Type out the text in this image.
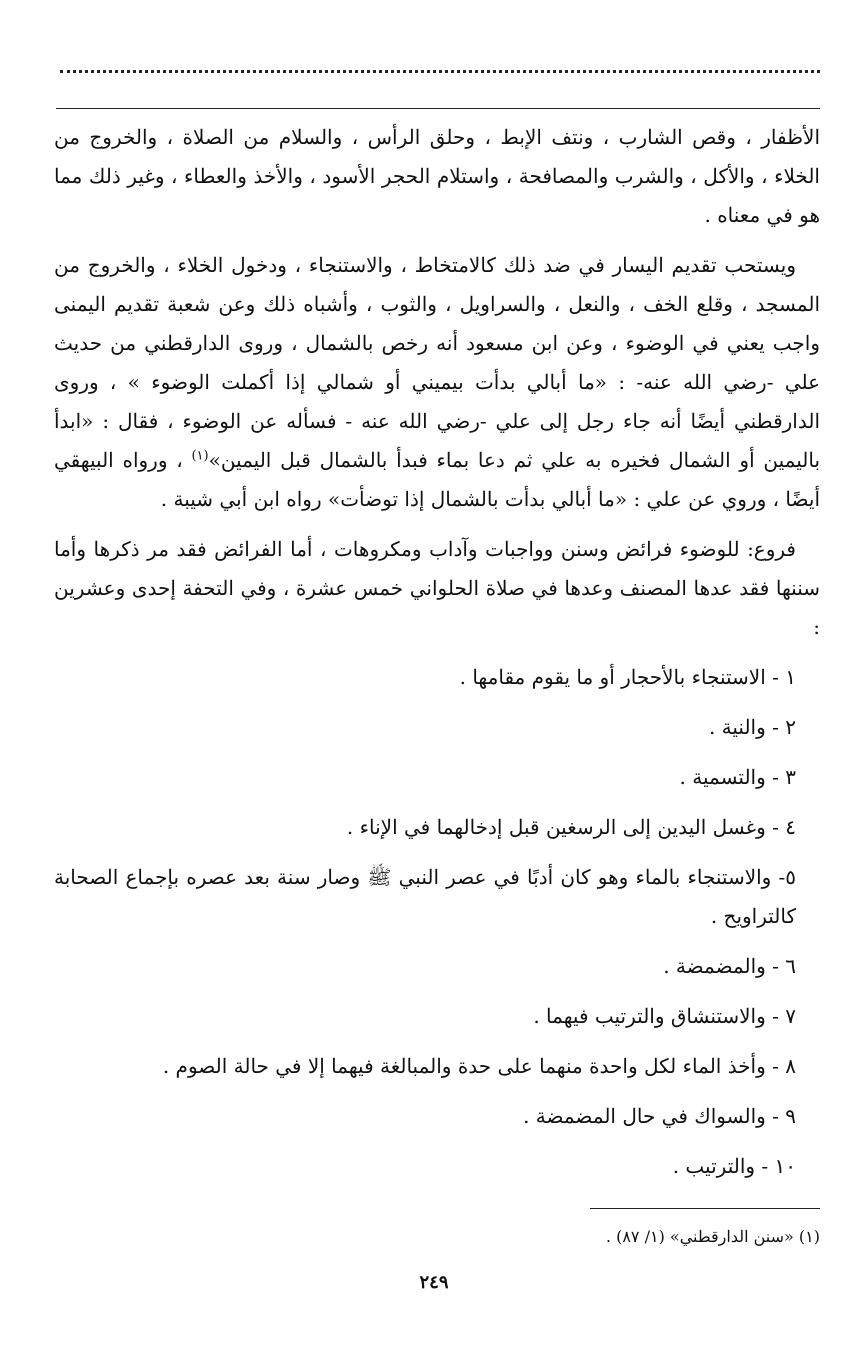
الأظفار ، وقص الشارب ، ونتف الإبط ، وحلق الرأس ، والسلام من الصلاة ، والخروج من الخلاء ، والأكل ، والشرب والمصافحة ، واستلام الحجر الأسود ، والأخذ والعطاء ، وغير ذلك مما هو في معناه .

ويستحب تقديم اليسار في ضد ذلك كالامتخاط ، والاستنجاء ، ودخول الخلاء ، والخروج من المسجد ، وقلع الخف ، والنعل ، والسراويل ، والثوب ، وأشباه ذلك وعن شعبة تقديم اليمنى واجب يعني في الوضوء ، وعن ابن مسعود أنه رخص بالشمال ، وروى الدارقطني من حديث علي -رضي الله عنه- : «ما أبالي بدأت بيميني أو شمالي إذا أكملت الوضوء » ، وروى الدارقطني أيضًا أنه جاء رجل إلى علي -رضي الله عنه - فسأله عن الوضوء ، فقال : «ابدأ باليمين أو الشمال فخيره به علي ثم دعا بماء فبدأ بالشمال قبل اليمين»$^{(١)}$ ، ورواه البيهقي أيضًا ، وروي عن علي : «ما أبالي بدأت بالشمال إذا توضأت» رواه ابن أبي شيبة .

فروع: للوضوء فرائض وسنن وواجبات وآداب ومكروهات ، أما الفرائض فقد مر ذكرها وأما سننها فقد عدها المصنف وعدها في صلاة الحلواني خمس عشرة ، وفي التحفة إحدى وعشرين :

١ - الاستنجاء بالأحجار أو ما يقوم مقامها .

٢ - والنية .

٣ - والتسمية .

٤ - وغسل اليدين إلى الرسغين قبل إدخالهما في الإناء .

٥- والاستنجاء بالماء وهو كان أدبًا في عصر النبي ﷺ وصار سنة بعد عصره بإجماع الصحابة كالتراويح .

٦ - والمضمضة .

٧ - والاستنشاق والترتيب فيهما .

٨ - وأخذ الماء لكل واحدة منهما على حدة والمبالغة فيهما إلا في حالة الصوم .

٩ - والسواك في حال المضمضة .

١٠ - والترتيب .

(١) «سنن الدارقطني» (١/ ٨٧) .
٢٤٩
